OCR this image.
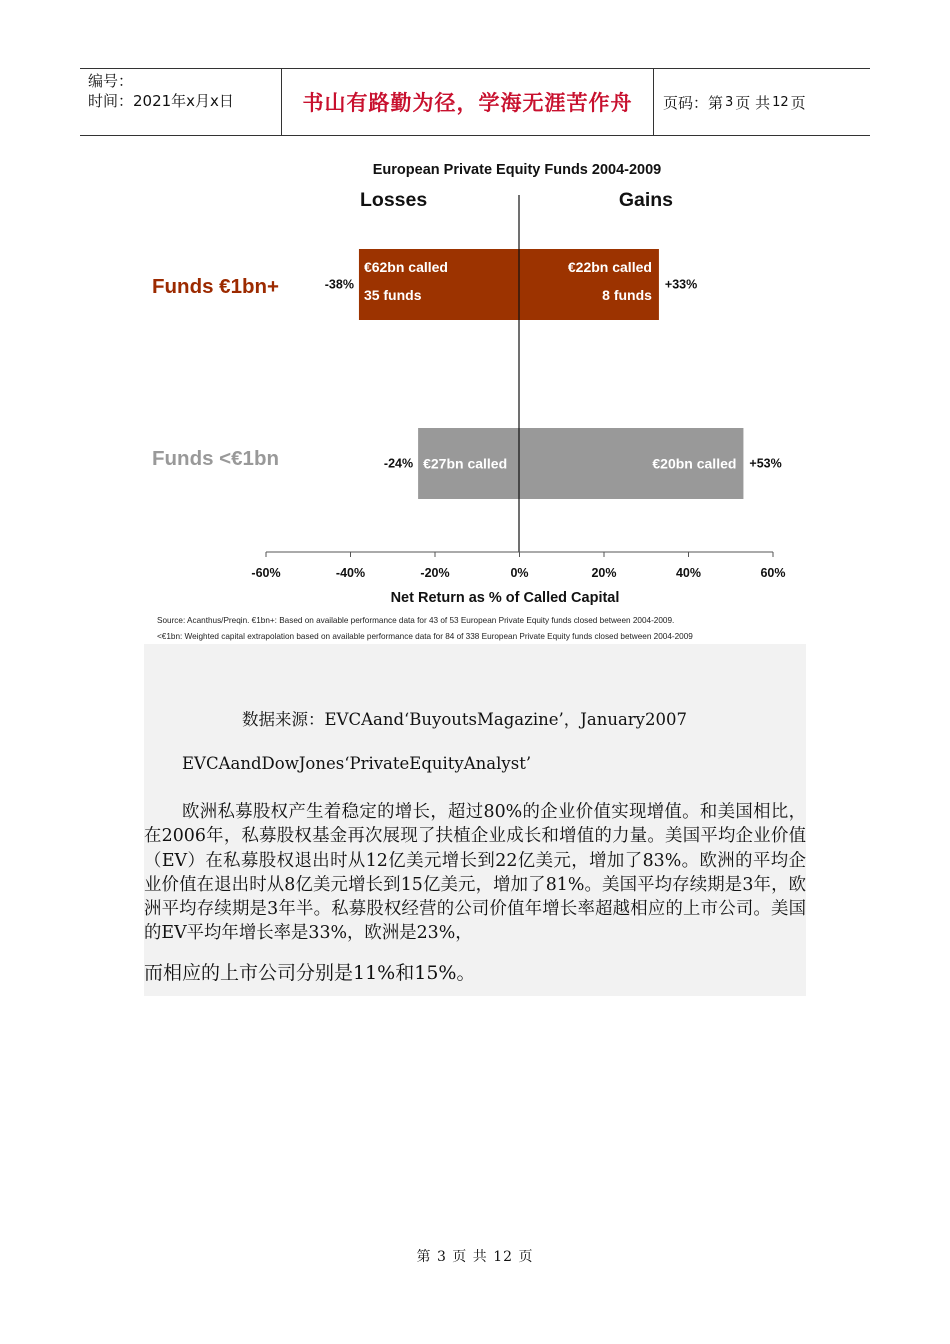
编号：
时间：2021年x月x日	书山有路勤为径，学海无涯苦作舟	页码：第 3 页 共 12 页
European Private Equity Funds 2004-2009
Losses	Gains
Funds €1bn+	-38%	+33%
€62bn called
35 funds
€22bn called
8 funds
Funds <€1bn	-24%	+53%
€27bn called	€20bn called
-60%	-40%	-20%	0%	20%	40%	60%
Net Return as % of Called Capital
Source: Acanthus/Preqin. €1bn+: Based on available performance data for 43 of 53 European Private Equity funds closed between 2004-2009.
<€1bn: Weighted capital extrapolation based on available performance data for 84 of 338 European Private Equity funds closed between 2004-2009
数据来源：EVCAand‘BuyoutsMagazine’，January2007
EVCAandDowJones‘PrivateEquityAnalyst’

欧洲私募股权产生着稳定的增长，超过80%的企业价值实现增值。和美国相比，在2006年，私募股权基金再次展现了扶植企业成长和增值的力量。美国平均企业价值（EV）在私募股权退出时从12亿美元增长到22亿美元，增加了83%。欧洲的平均企业价值在退出时从8亿美元增长到15亿美元，增加了81%。美国平均存续期是3年，欧洲平均存续期是3年半。私募股权经营的公司价值年增长率超越相应的上市公司。美国的EV平均年增长率是33%，欧洲是23%，

而相应的上市公司分别是11%和15%。
第 3 页 共 12 页
